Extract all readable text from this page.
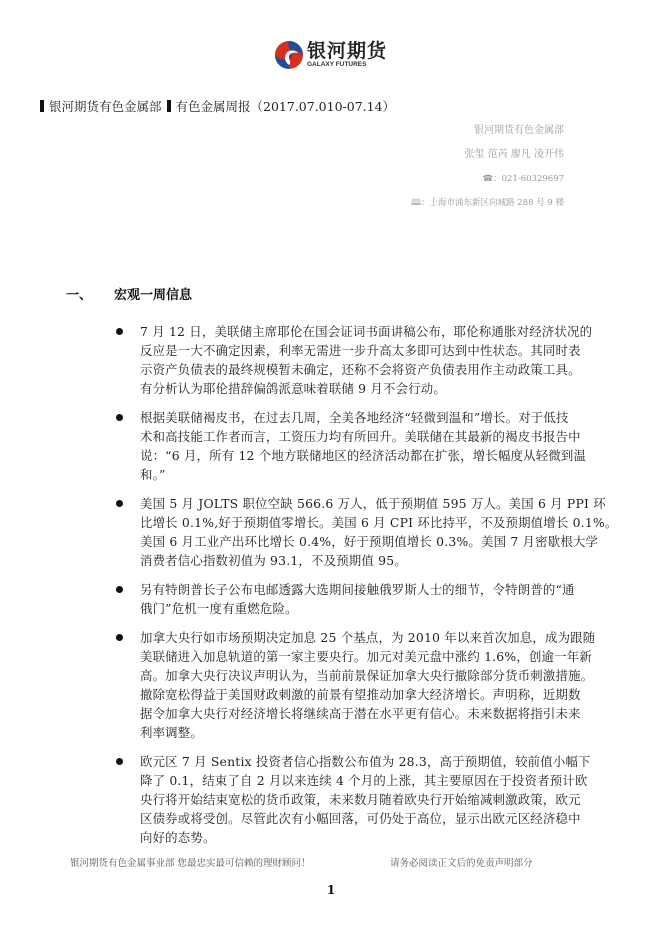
银河期货
GALAXY FUTURES
银河期货有色金属部 有色金属周报（2017.07.010-07.14）
银河期货有色金属部
张玺 范芮 廖凡 凌开伟
☎：021-60329697
🕮：上海市浦东新区向城路 288 号 9 楼
一、 宏观一周信息
7 月 12 日，美联储主席耶伦在国会证词书面讲稿公布，耶伦称通胀对经济状况的
反应是一大不确定因素，利率无需进一步升高太多即可达到中性状态。其同时表
示资产负债表的最终规模暂未确定，还称不会将资产负债表用作主动政策工具。
有分析认为耶伦措辞偏鸽派意味着联储 9 月不会行动。
根据美联储褐皮书，在过去几周，全美各地经济“轻微到温和”增长。对于低技
术和高技能工作者而言，工资压力均有所回升。美联储在其最新的褐皮书报告中
说：“6 月，所有 12 个地方联储地区的经济活动都在扩张，增长幅度从轻微到温
和。”
美国 5 月 JOLTS 职位空缺 566.6 万人，低于预期值 595 万人。美国 6 月 PPI 环
比增长 0.1%,好于预期值零增长。美国 6 月 CPI 环比持平，不及预期值增长 0.1%。
美国 6 月工业产出环比增长 0.4%，好于预期值增长 0.3%。美国 7 月密歇根大学
消费者信心指数初值为 93.1，不及预期值 95。
另有特朗普长子公布电邮透露大选期间接触俄罗斯人士的细节，令特朗普的“通
俄门”危机一度有重燃危险。
加拿大央行如市场预期决定加息 25 个基点，为 2010 年以来首次加息，成为跟随
美联储进入加息轨道的第一家主要央行。加元对美元盘中涨约 1.6%，创逾一年新
高。加拿大央行决议声明认为，当前前景保证加拿大央行撤除部分货币刺激措施。
撤除宽松得益于美国财政刺激的前景有望推动加拿大经济增长。声明称，近期数
据令加拿大央行对经济增长将继续高于潜在水平更有信心。未来数据将指引未来
利率调整。
欧元区 7 月 Sentix 投资者信心指数公布值为 28.3，高于预期值，较前值小幅下
降了 0.1，结束了自 2 月以来连续 4 个月的上涨，其主要原因在于投资者预计欧
央行将开始结束宽松的货币政策，未来数月随着欧央行开始缩减刺激政策，欧元
区债券或将受创。尽管此次有小幅回落，可仍处于高位，显示出欧元区经济稳中
向好的态势。
银河期货有色金属事业部 您最忠实最可信赖的理财顾问！	请务必阅读正文后的免责声明部分
1
